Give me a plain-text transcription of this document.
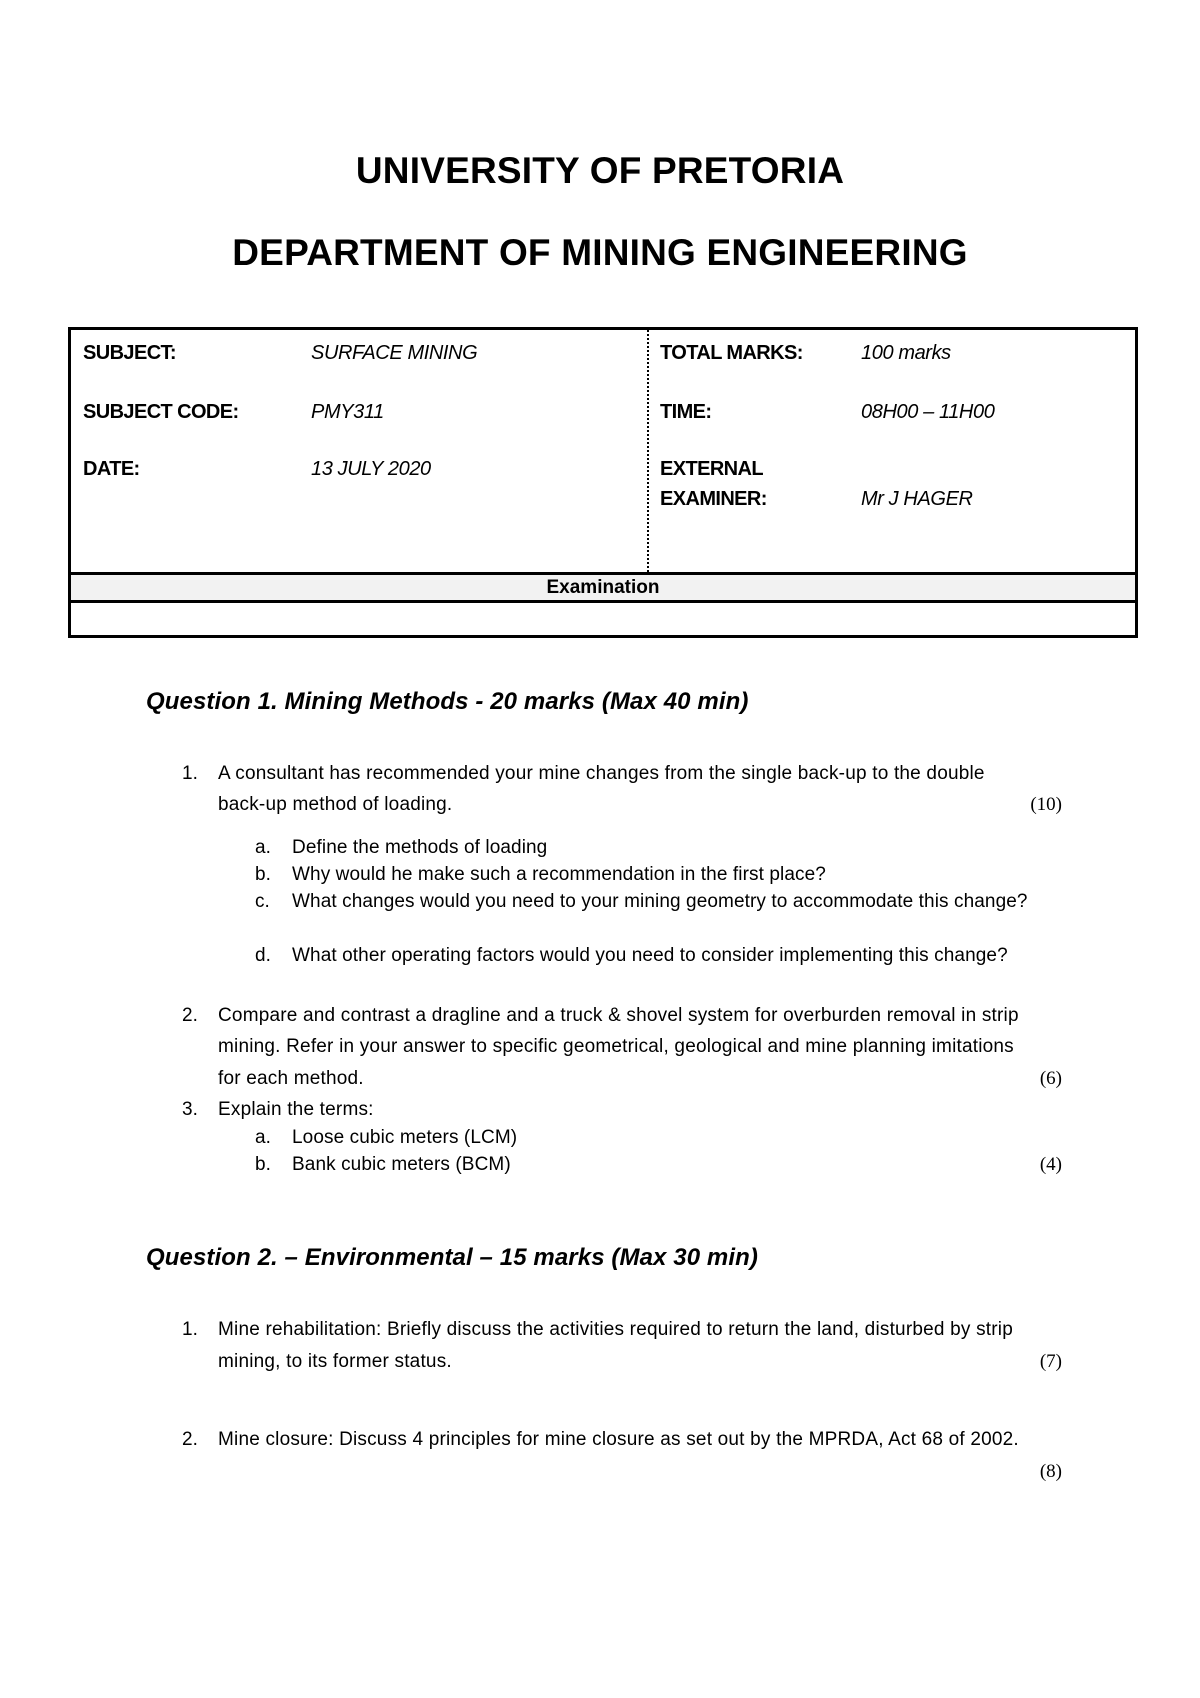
UNIVERSITY OF PRETORIA
DEPARTMENT OF MINING ENGINEERING
SUBJECT:	SURFACE MINING
SUBJECT CODE:	PMY311
DATE:	13 JULY 2020
TOTAL MARKS:	100 marks
TIME:	08H00 – 11H00
EXTERNAL
EXAMINER:	Mr J HAGER
Examination
Question 1. Mining Methods - 20 marks (Max 40 min)
1. A consultant has recommended your mine changes from the single back-up to the double
back-up method of loading.	(10)
a. Define the methods of loading
b. Why would he make such a recommendation in the first place?
c. What changes would you need to your mining geometry to accommodate this change?
d. What other operating factors would you need to consider implementing this change?
2. Compare and contrast a dragline and a truck & shovel system for overburden removal in strip
mining. Refer in your answer to specific geometrical, geological and mine planning imitations
for each method.	(6)
3. Explain the terms:
a. Loose cubic meters (LCM)
b. Bank cubic meters (BCM)	(4)
Question 2. – Environmental – 15 marks (Max 30 min)
1. Mine rehabilitation: Briefly discuss the activities required to return the land, disturbed by strip
mining, to its former status.	(7)
2. Mine closure: Discuss 4 principles for mine closure as set out by the MPRDA, Act 68 of 2002.
(8)
